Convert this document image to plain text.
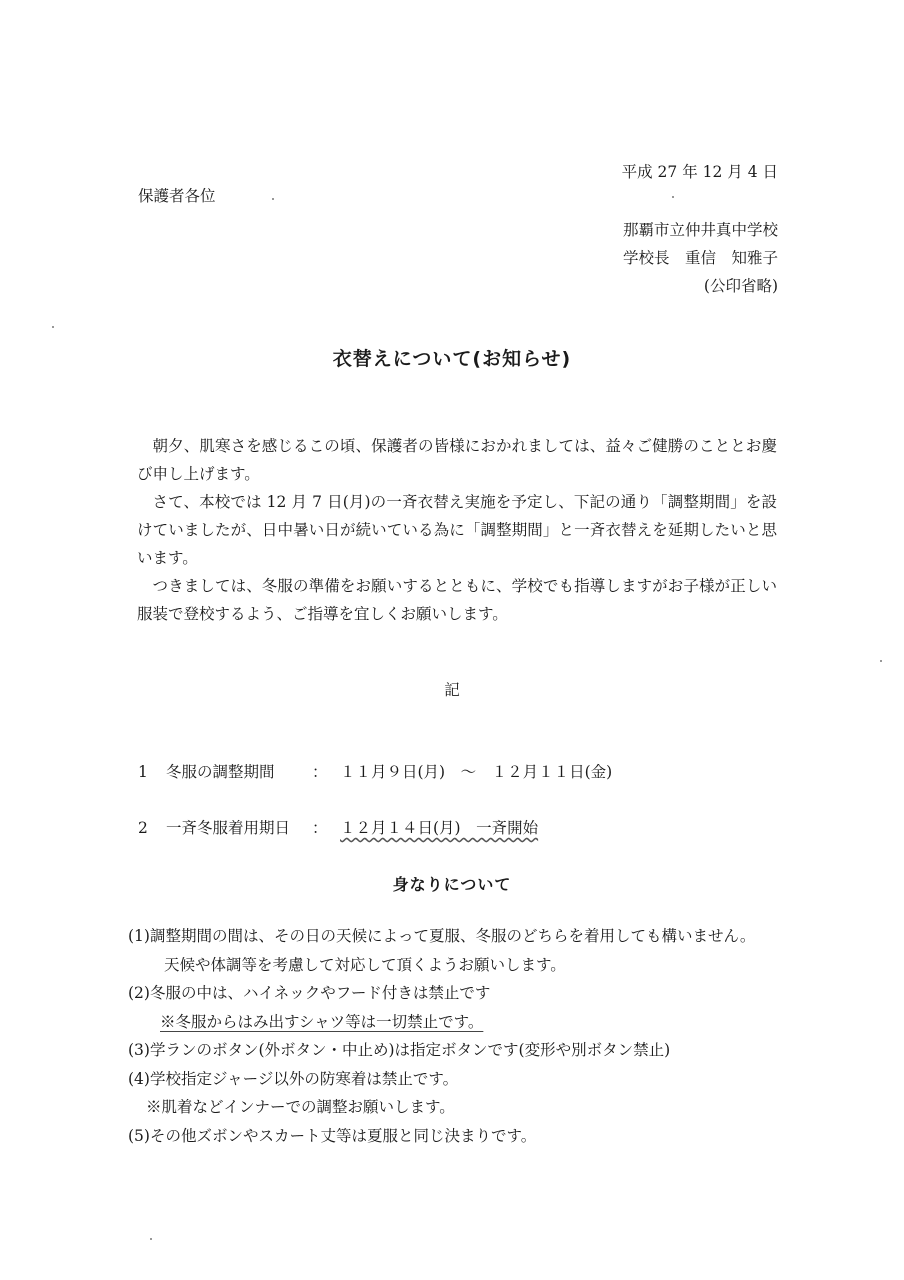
平成 27 年 12 月 4 日
保護者各位
那覇市立仲井真中学校
学校長　重信　知雅子
(公印省略)
衣替えについて(お知らせ)

朝夕、肌寒さを感じるこの頃、保護者の皆様におかれましては、益々ご健勝のこととお慶び申し上げます。

さて、本校では 12 月 7 日(月)の一斉衣替え実施を予定し、下記の通り「調整期間」を設けていましたが、日中暑い日が続いている為に「調整期間」と一斉衣替えを延期したいと思います。

つきましては、冬服の準備をお願いするとともに、学校でも指導しますがお子様が正しい服装で登校するよう、ご指導を宜しくお願いします。

記
1 冬服の調整期間 ： １１月９日(月)　～　１２月１１日(金)
2 一斉冬服着用期日 ： １２月１４日(月)　一斉開始
身なりについて
(1)調整期間の間は、その日の天候によって夏服、冬服のどちらを着用しても構いません。
天候や体調等を考慮して対応して頂くようお願いします。
(2)冬服の中は、ハイネックやフード付きは禁止です
※冬服からはみ出すシャツ等は一切禁止です。
(3)学ランのボタン(外ボタン・中止め)は指定ボタンです(変形や別ボタン禁止)
(4)学校指定ジャージ以外の防寒着は禁止です。
※肌着などインナーでの調整お願いします。
(5)その他ズボンやスカート丈等は夏服と同じ決まりです。
